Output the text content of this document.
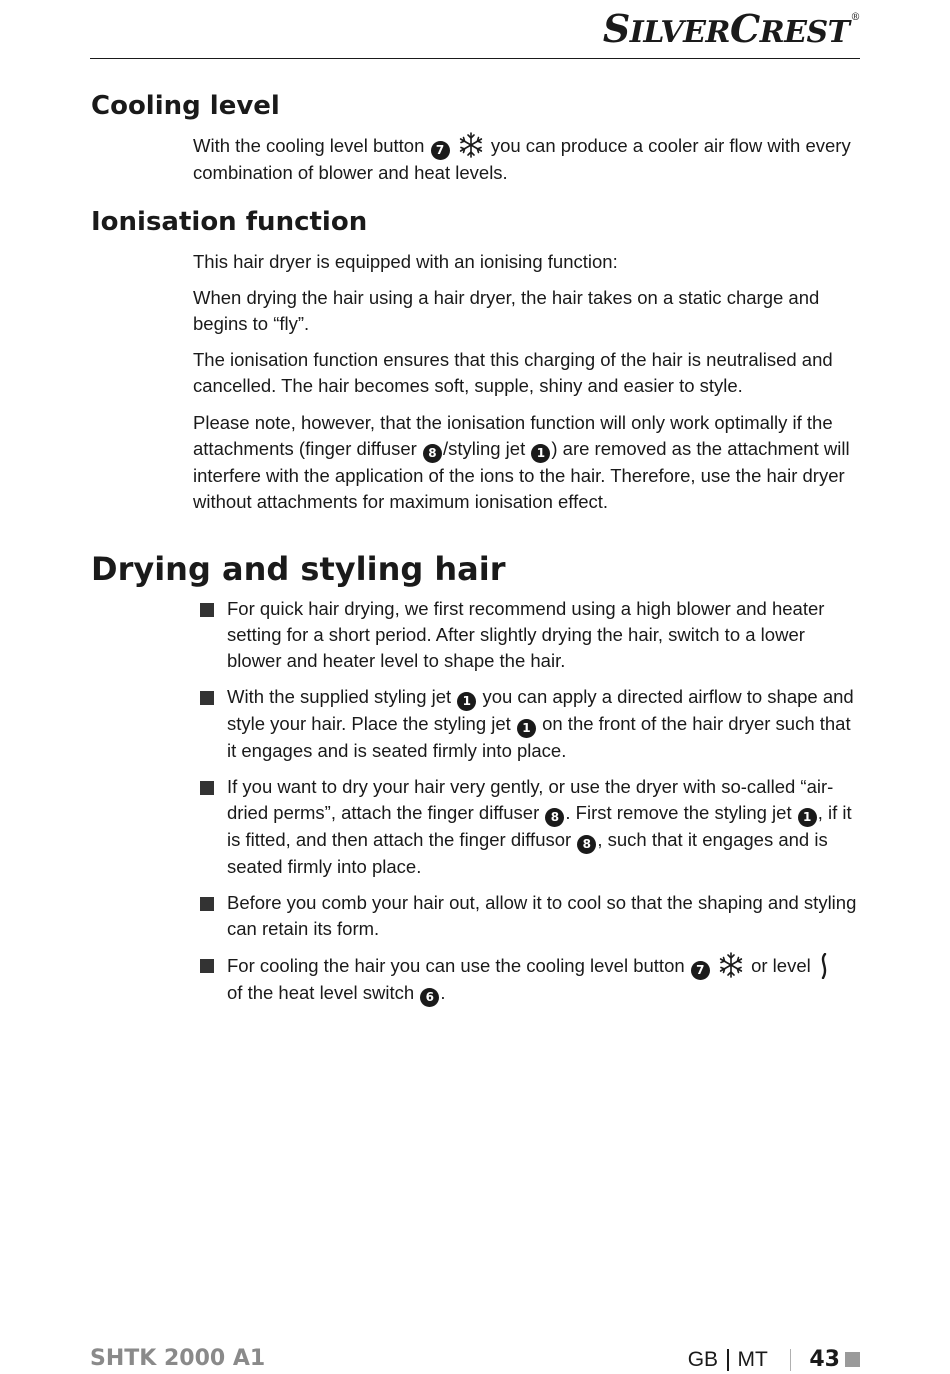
SILVERCREST®
Cooling level

With the cooling level button 7	you can produce a cooler air flow with every combination of blower and heat levels.

Ionisation function

This hair dryer is equipped with an ionising function:

When drying the hair using a hair dryer, the hair takes on a static charge and begins to “fly”.

The ionisation function ensures that this charging of the hair is neutralised and cancelled. The hair becomes soft, supple, shiny and easier to style.

Please note, however, that the ionisation function will only work optimally if the attachments (finger diffuser 8 /styling jet 1 ) are removed as the attachment will interfere with the application of the ions to the hair. Therefore, use the hair dryer without attachments for maximum ionisation effect.

Drying and styling hair
For quick hair drying, we first recommend using a high blower and heater setting for a short period. After slightly drying the hair, switch to a lower blower and heater level to shape the hair.
With the supplied styling jet 1 you can apply a directed airflow to shape and style your hair. Place the styling jet 1 on the front of the hair dryer such that it engages and is seated firmly into place.
If you want to dry your hair very gently, or use the dryer with so-called “air-dried perms”, attach the finger diffuser 8 . First remove the styling jet 1 , if it is fitted, and then attach the finger diffusor 8 , such that it engages and is seated firmly into place.
Before you comb your hair out, allow it to cool so that the shaping and styling can retain its form.
For cooling the hair you can use the cooling level button 7	or level
of the heat level switch 6 .
SHTK 2000 A1	GB MT 43
